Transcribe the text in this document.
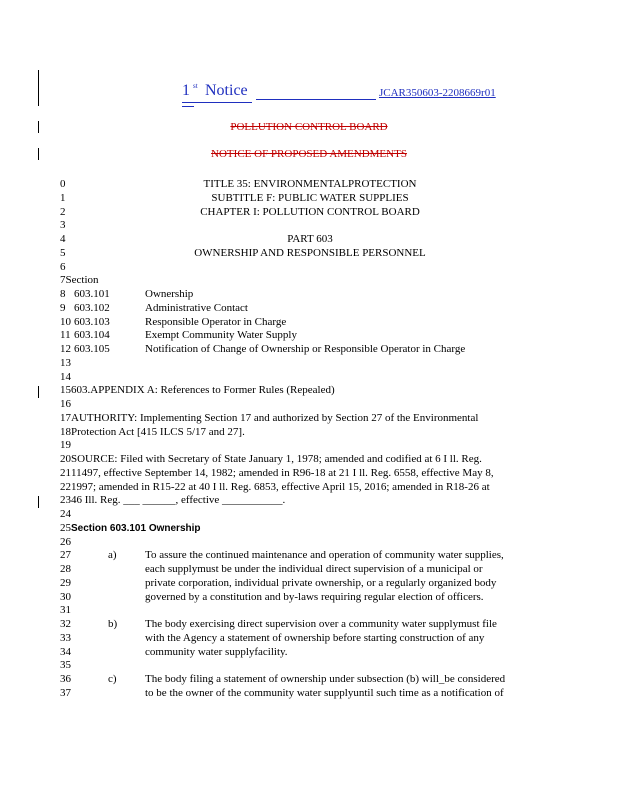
1 st Notice	JCAR350603-2208669r01
POLLUTION CONTROL BOARD
NOTICE OF PROPOSED AMENDMENTS
0	TITLE 35: ENVIRONMENTALPROTECTION
1	SUBTITLE F: PUBLIC WATER SUPPLIES
2	CHAPTER I: POLLUTION CONTROL BOARD
3
4	PART 603
5	OWNERSHIP AND RESPONSIBLE PERSONNEL
6
7Section
8 603.101	Ownership
9 603.102	Administrative Contact
10 603.103	Responsible Operator in Charge
11 603.104	Exempt Community Water Supply
12 603.105	Notification of Change of Ownership or Responsible Operator in Charge
13
14
15603.APPENDIX A: References to Former Rules (Repealed)
16
17AUTHORITY: Implementing Section 17 and authorized by Section 27 of the Environmental
18Protection Act [415 ILCS 5/17 and 27].
19
20SOURCE: Filed with Secretary of State January 1, 1978; amended and codified at 6 I ll. Reg.
2111497, effective September 14, 1982; amended in R96-18 at 21 I ll. Reg. 6558, effective May 8,
221997; amended in R15-22 at 40 I ll. Reg. 6853, effective April 15, 2016; amended in R18-26 at
2346 Ill. Reg. ___ ______, effective ___________.
24
25Section 603.101 Ownership
26
27	a)	To assure the continued maintenance and operation of community water supplies,
28	each supplymust be under the individual direct supervision of a municipal or
29	private corporation, individual private ownership, or a regularly organized body
30	governed by a constitution and by-laws requiring regular election of officers.
31
32	b)	The body exercising direct supervision over a community water supplymust file
33	with the Agency a statement of ownership before starting construction of any
34	community water supplyfacility.
35
36	c)	The body filing a statement of ownership under subsection (b) will_be considered
37	to be the owner of the community water supplyuntil such time as a notification of
